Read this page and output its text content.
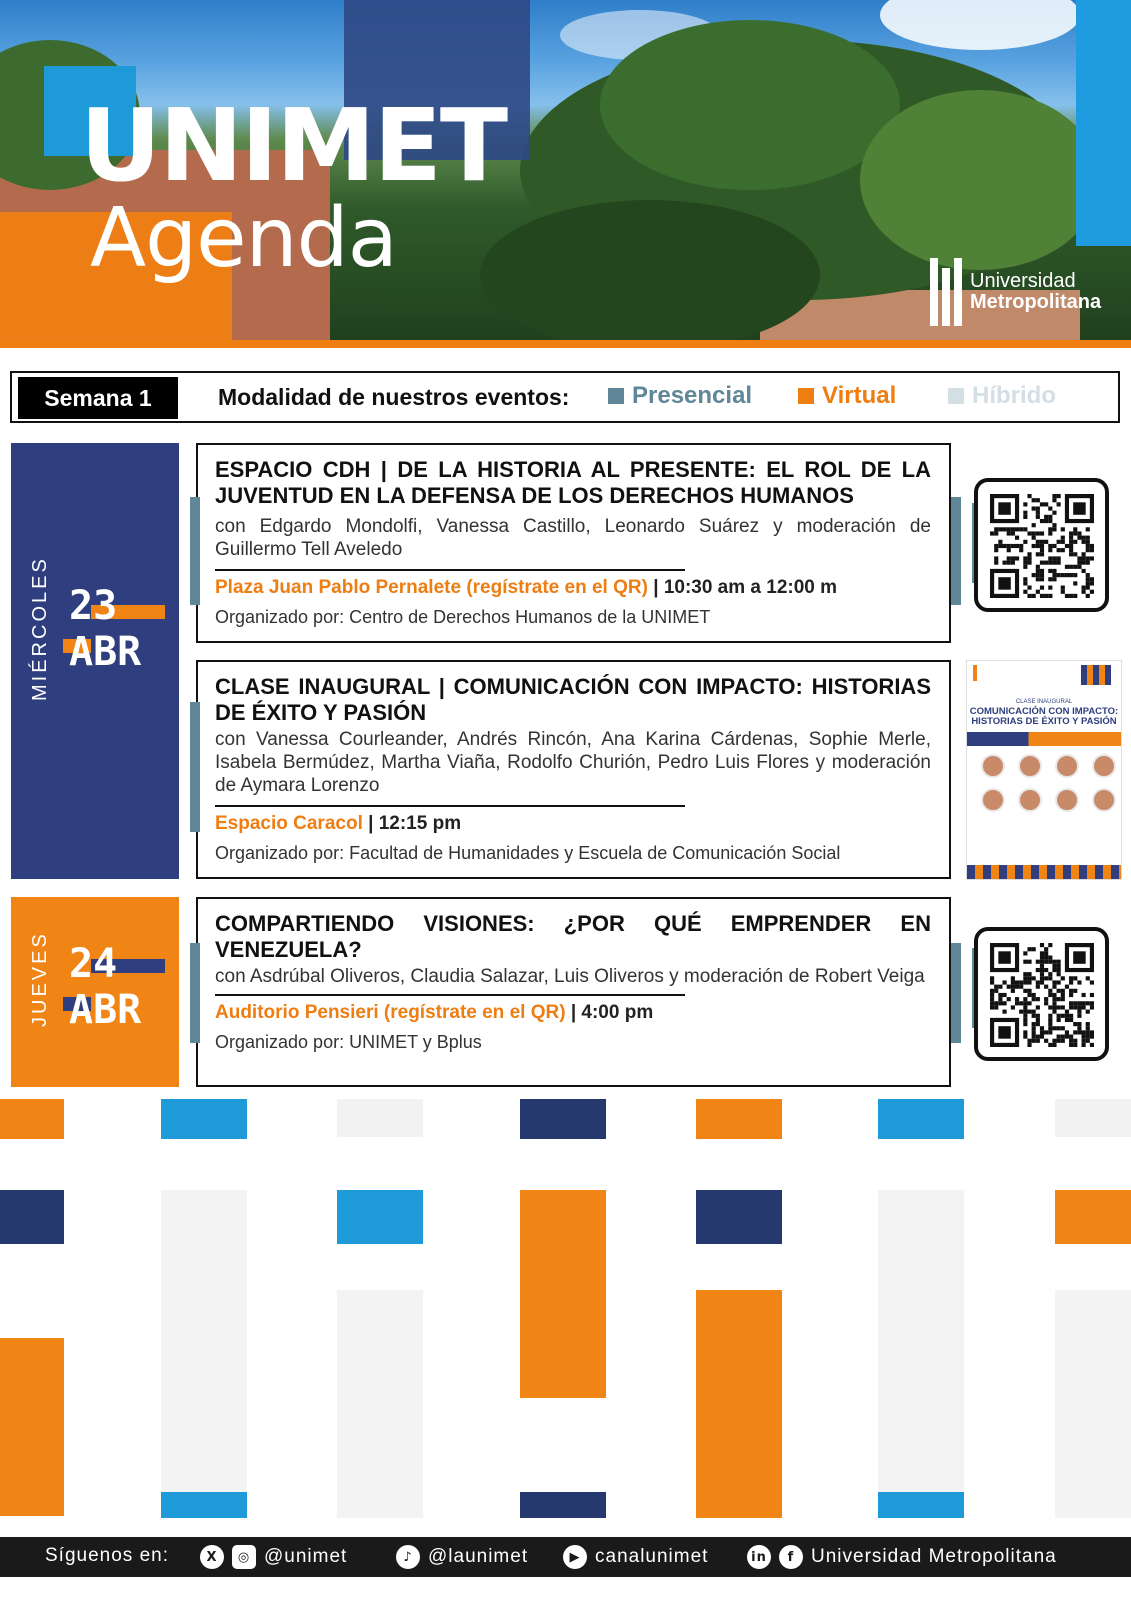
UNIMET
Agenda	Universidad
Metropolitana
Semana 1	Modalidad de nuestros eventos:	Presencial	Virtual	Híbrido
MIÉRCOLES 23
ABR
JUEVES 24
ABR
ESPACIO CDH | DE LA HISTORIA AL PRESENTE: EL ROL DE LA JUVENTUD EN LA DEFENSA DE LOS DERECHOS HUMANOS
con Edgardo Mondolfi, Vanessa Castillo, Leonardo Suárez y moderación de Guillermo Tell Aveledo
Plaza Juan Pablo Pernalete (regístrate en el QR) | 10:30 am a 12:00 m
Organizado por: Centro de Derechos Humanos de la UNIMET
CLASE INAUGURAL | COMUNICACIÓN CON IMPACTO: HISTORIAS DE ÉXITO Y PASIÓN
con Vanessa Courleander, Andrés Rincón, Ana Karina Cárdenas, Sophie Merle, Isabela Bermúdez, Martha Viaña, Rodolfo Churión, Pedro Luis Flores y moderación de Aymara Lorenzo
Espacio Caracol | 12:15 pm
Organizado por: Facultad de Humanidades y Escuela de Comunicación Social
CLASE INAUGURAL
COMUNICACIÓN CON IMPACTO: HISTORIAS DE ÉXITO Y PASIÓN
COMPARTIENDO VISIONES: ¿POR QUÉ EMPRENDER EN VENEZUELA?
con Asdrúbal Oliveros, Claudia Salazar, Luis Oliveros y moderación de Robert Veiga
Auditorio Pensieri (regístrate en el QR) | 4:00 pm
Organizado por: UNIMET y Bplus
Síguenos en:	X	◎ @unimet	♪ @launimet	▶ canalunimet	in	f Universidad Metropolitana
